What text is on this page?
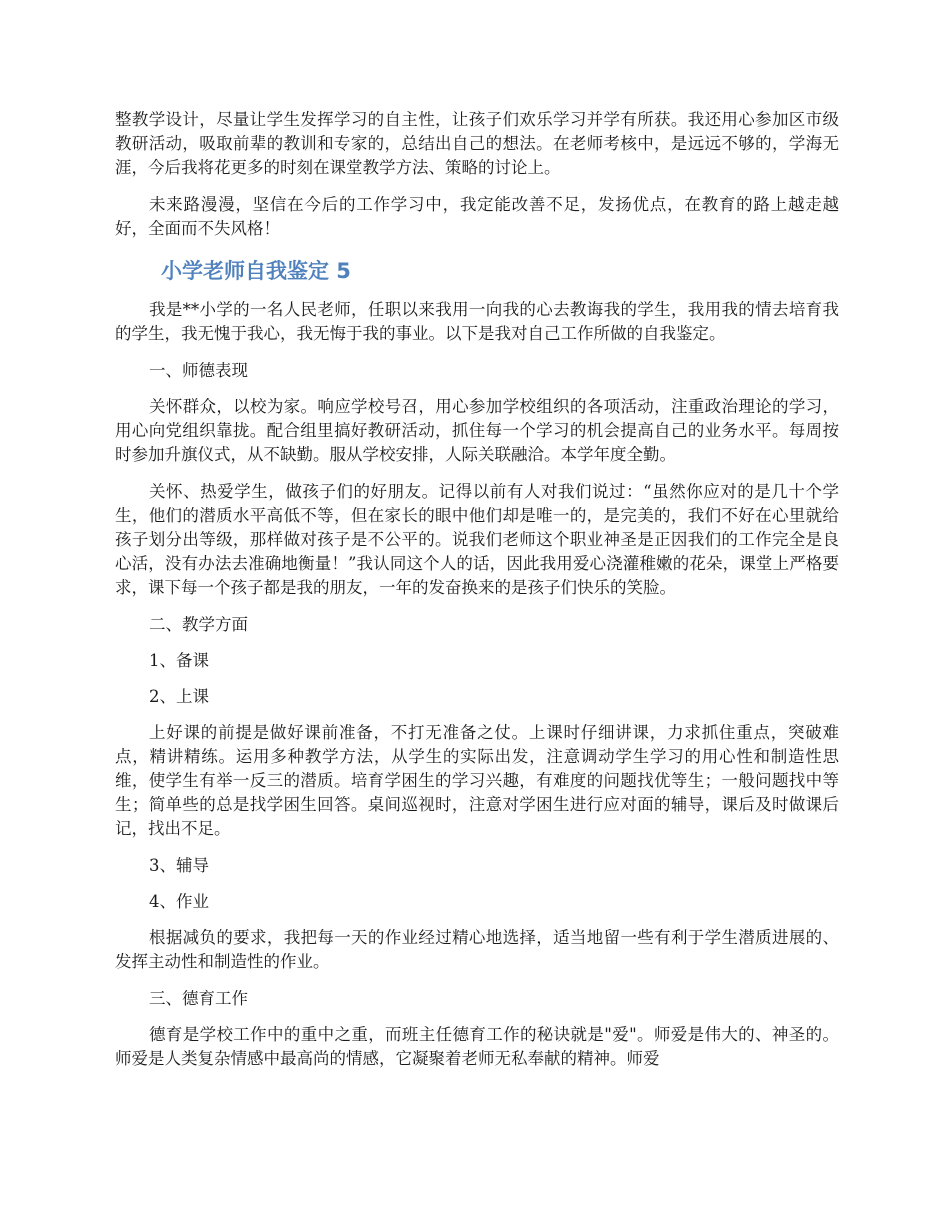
整教学设计，尽量让学生发挥学习的自主性，让孩子们欢乐学习并学有所获。我还用心参加区市级教研活动，吸取前辈的教训和专家的，总结出自己的想法。在老师考核中，是远远不够的，学海无涯，今后我将花更多的时刻在课堂教学方法、策略的讨论上。

未来路漫漫，坚信在今后的工作学习中，我定能改善不足，发扬优点，在教育的路上越走越好，全面而不失风格！

小学老师自我鉴定 5

我是**小学的一名人民老师，任职以来我用一向我的心去教诲我的学生，我用我的情去培育我的学生，我无愧于我心，我无悔于我的事业。以下是我对自己工作所做的自我鉴定。

一、师德表现

关怀群众，以校为家。响应学校号召，用心参加学校组织的各项活动，注重政治理论的学习，用心向党组织靠拢。配合组里搞好教研活动，抓住每一个学习的机会提高自己的业务水平。每周按时参加升旗仪式，从不缺勤。服从学校安排，人际关联融洽。本学年度全勤。

关怀、热爱学生，做孩子们的好朋友。记得以前有人对我们说过：“虽然你应对的是几十个学生，他们的潜质水平高低不等，但在家长的眼中他们却是唯一的，是完美的，我们不好在心里就给孩子划分出等级，那样做对孩子是不公平的。说我们老师这个职业神圣是正因我们的工作完全是良心活，没有办法去准确地衡量！”我认同这个人的话，因此我用爱心浇灌稚嫩的花朵，课堂上严格要求，课下每一个孩子都是我的朋友，一年的发奋换来的是孩子们快乐的笑脸。

二、教学方面

1、备课

2、上课

上好课的前提是做好课前准备，不打无准备之仗。上课时仔细讲课，力求抓住重点，突破难点，精讲精练。运用多种教学方法，从学生的实际出发，注意调动学生学习的用心性和制造性思维，使学生有举一反三的潜质。培育学困生的学习兴趣，有难度的问题找优等生；一般问题找中等生；简单些的总是找学困生回答。桌间巡视时，注意对学困生进行应对面的辅导，课后及时做课后记，找出不足。

3、辅导

4、作业

根据减负的要求，我把每一天的作业经过精心地选择，适当地留一些有利于学生潜质进展的、发挥主动性和制造性的作业。

三、德育工作

德育是学校工作中的重中之重，而班主任德育工作的秘诀就是"爱"。师爱是伟大的、神圣的。师爱是人类复杂情感中最高尚的情感，它凝聚着老师无私奉献的精神。师爱
